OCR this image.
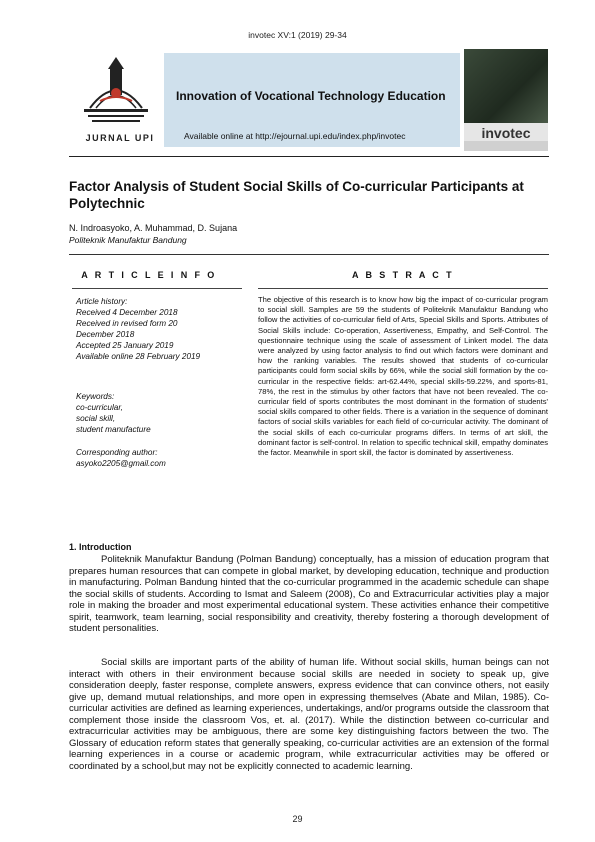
invotec XV:1 (2019) 29-34
JURNAL UPI
Innovation of Vocational Technology Education
Available online at http://ejournal.upi.edu/index.php/invotec	invotec
Factor Analysis of Student Social Skills of Co-curricular Participants at Polytechnic
N. Indroasyoko, A. Muhammad, D. Sujana
Politeknik Manufaktur Bandung
A R T I C L E I N F O	A B S T R A C T
Article history:
Received 4 December 2018
Received in revised form 20
December 2018
Accepted 25 January 2019
Available online 28 February 2019
Keywords:
co-curricular,
social skill,
student manufacture
Corresponding author:
asyoko2205@gmail.com
The objective of this research is to know how big the impact of co-curricular program to social skill. Samples are 59 the students of Politeknik Manufaktur Bandung who follow the activities of co-curricular field of Arts, Special Skills and Sports. Attributes of Social Skills include: Co-operation, Assertiveness, Empathy, and Self-Control. The questionnaire technique using the scale of assessment of Linkert model. The data were analyzed by using factor analysis to find out which factors were dominant and how the ranking variables. The results showed that students of co-curricular participants could form social skills by 66%, while the social skill formation by the co-curricular in the respective fields: art-62.44%, special skills-59.22%, and sports-81, 78%, the rest in the stimulus by other factors that have not been revealed. The co-curricular field of sports contributes the most dominant in the formation of students' social skills compared to other fields. There is a variation in the sequence of dominant factors of social skills variables for each field of co-curricular activity. The dominant of the social skills of each co-curricular programs differs. In terms of art skill, the dominant factor is self-control. In relation to specific technical skill, empathy dominates the factor. Meanwhile in sport skill, the factor is dominated by assertiveness.
1. Introduction
Politeknik Manufaktur Bandung (Polman Bandung) conceptually, has a mission of education program that prepares human resources that can compete in global market, by developing education, technique and production in manufacturing. Polman Bandung hinted that the co-curricular programmed in the academic schedule can shape the social skills of students. According to Ismat and Saleem (2008), Co and Extracurricular activities play a major role in making the broader and most experimental educational system. These activities enhance their competitive spirit, teamwork, team learning, social responsibility and creativity, thereby fostering a thorough development of student personalities.
Social skills are important parts of the ability of human life. Without social skills, human beings can not interact with others in their environment because social skills are needed in society to speak up, give consideration deeply, faster response, complete answers, express evidence that can convince others, not easily give up, demand mutual relationships, and more open in expressing themselves (Abate and Milan, 1985). Co-curricular activities are defined as learning experiences, undertakings, and/or programs outside the classroom that complement those inside the classroom Vos, et. al. (2017). While the distinction between co-curricular and extracurricular activities may be ambiguous, there are some key distinguishing factors between the two. The Glossary of education reform states that generally speaking, co-curricular activities are an extension of the formal learning experiences in a course or academic program, while extracurricular activities may be offered or coordinated by a school,but may not be explicitly connected to academic learning.
29
